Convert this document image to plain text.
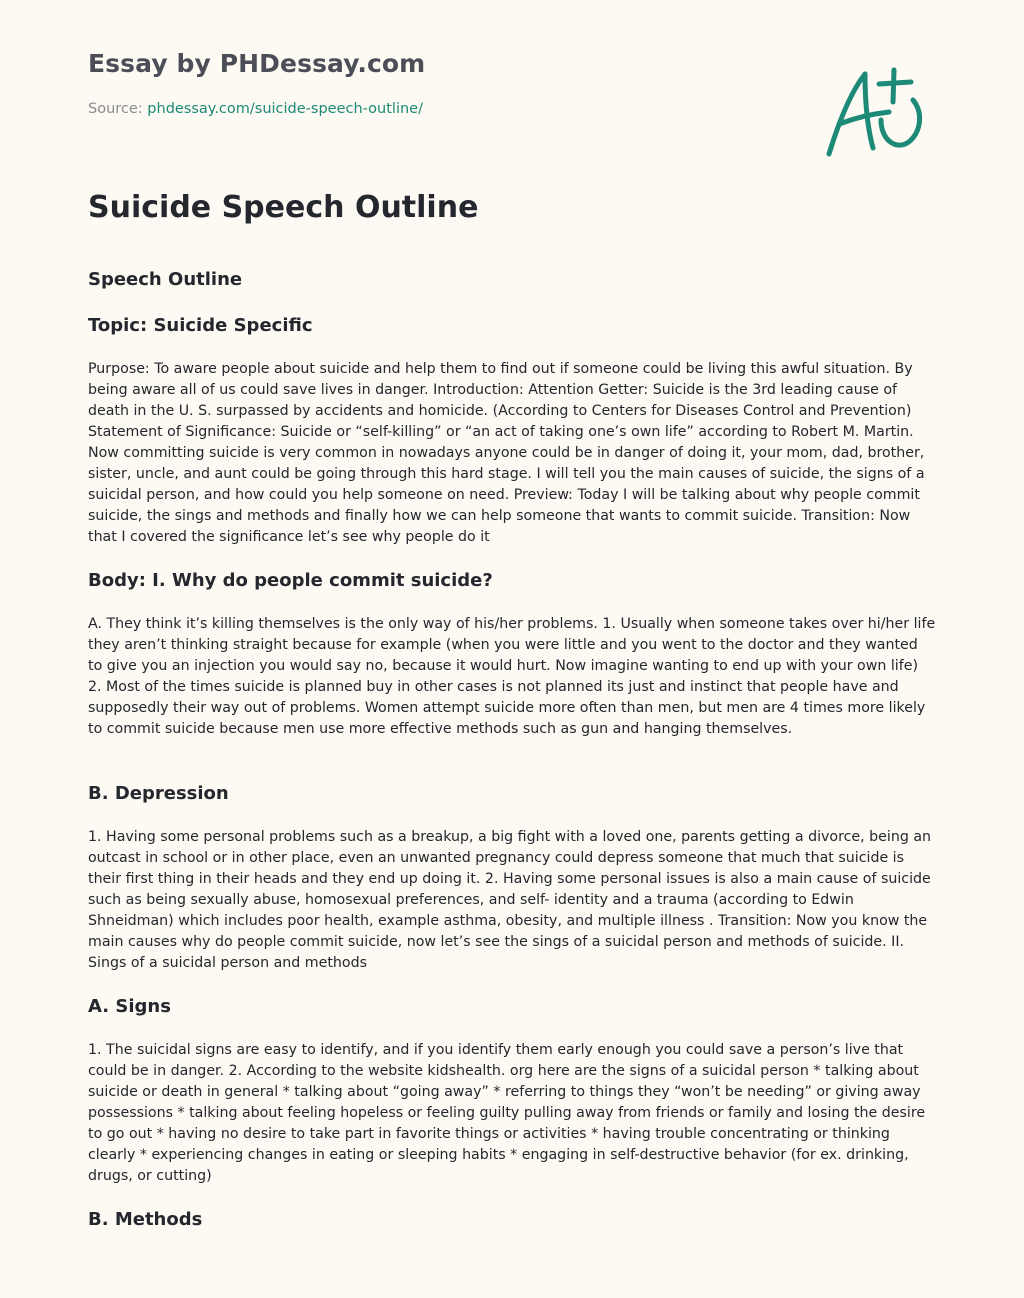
Essay by PHDessay.com
Source: phdessay.com/suicide-speech-outline/
Suicide Speech Outline
Speech Outline
Topic: Suicide Specific

Purpose: To aware people about suicide and help them to find out if someone could be living this awful situation. By being aware all of us could save lives in danger. Introduction: Attention Getter: Suicide is the 3rd leading cause of death in the U. S. surpassed by accidents and homicide. (According to Centers for Diseases Control and Prevention) Statement of Significance: Suicide or “self-killing” or “an act of taking one’s own life” according to Robert M. Martin. Now committing suicide is very common in nowadays anyone could be in danger of doing it, your mom, dad, brother, sister, uncle, and aunt could be going through this hard stage. I will tell you the main causes of suicide, the signs of a suicidal person, and how could you help someone on need. Preview: Today I will be talking about why people commit suicide, the sings and methods and finally how we can help someone that wants to commit suicide. Transition: Now that I covered the significance let’s see why people do it

Body: I. Why do people commit suicide?

A. They think it’s killing themselves is the only way of his/her problems. 1. Usually when someone takes over hi/her life they aren’t thinking straight because for example (when you were little and you went to the doctor and they wanted to give you an injection you would say no, because it would hurt. Now imagine wanting to end up with your own life) 2. Most of the times suicide is planned buy in other cases is not planned its just and instinct that people have and supposedly their way out of problems. Women attempt suicide more often than men, but men are 4 times more likely to commit suicide because men use more effective methods such as gun and hanging themselves.

B. Depression

1. Having some personal problems such as a breakup, a big fight with a loved one, parents getting a divorce, being an outcast in school or in other place, even an unwanted pregnancy could depress someone that much that suicide is their first thing in their heads and they end up doing it. 2. Having some personal issues is also a main cause of suicide such as being sexually abuse, homosexual preferences, and self- identity and a trauma (according to Edwin Shneidman) which includes poor health, example asthma, obesity, and multiple illness . Transition: Now you know the main causes why do people commit suicide, now let’s see the sings of a suicidal person and methods of suicide. II. Sings of a suicidal person and methods

A. Signs

1. The suicidal signs are easy to identify, and if you identify them early enough you could save a person’s live that could be in danger. 2. According to the website kidshealth. org here are the signs of a suicidal person * talking about suicide or death in general * talking about “going away” * referring to things they “won’t be needing” or giving away possessions * talking about feeling hopeless or feeling guilty pulling away from friends or family and losing the desire to go out * having no desire to take part in favorite things or activities * having trouble concentrating or thinking clearly * experiencing changes in eating or sleeping habits * engaging in self-destructive behavior (for ex. drinking, drugs, or cutting)

B. Methods
